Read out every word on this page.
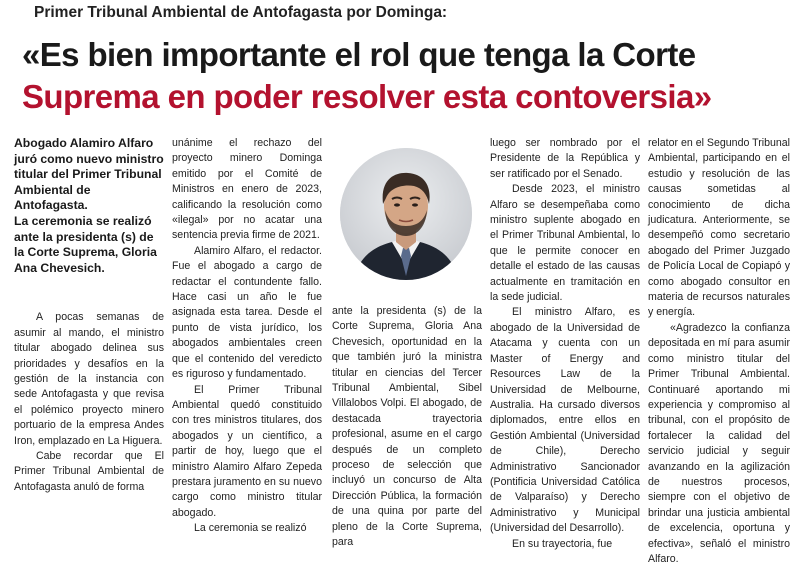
Primer Tribunal Ambiental de Antofagasta por Dominga:
«Es bien importante el rol que tenga la Corte
Suprema en poder resolver esta contoversia»

Abogado Alamiro Alfaro juró como nuevo ministro titular del Primer Tribunal Ambiental de Antofagasta.

La ceremonia se realizó ante la presidenta (s) de la Corte Suprema, Gloria Ana Chevesich.

A pocas semanas de asumir al mando, el ministro titular abogado delinea sus prioridades y desafíos en la gestión de la instancia con sede Antofagasta y que revisa el polémico proyecto minero portuario de la empresa Andes Iron, emplazado en La Higuera.

Cabe recordar que El Primer Tribunal Ambiental de Antofagasta anuló de forma

unánime el rechazo del proyecto minero Dominga emitido por el Comité de Ministros en enero de 2023, calificando la resolución como «ilegal» por no acatar una sentencia previa firme de 2021.

Alamiro Alfaro, el redactor. Fue el abogado a cargo de redactar el contundente fallo. Hace casi un año le fue asignada esta tarea. Desde el punto de vista jurídico, los abogados ambientales creen que el contenido del veredicto es riguroso y fundamentado.

El Primer Tribunal Ambiental quedó constituido con tres ministros titulares, dos abogados y un científico, a partir de hoy, luego que el ministro Alamiro Alfaro Zepeda prestara juramento en su nuevo cargo como ministro titular abogado.

La ceremonia se realizó

ante la presidenta (s) de la Corte Suprema, Gloria Ana Chevesich, oportunidad en la que también juró la ministra titular en ciencias del Tercer Tribunal Ambiental, Sibel Villalobos Volpi. El abogado, de destacada trayectoria profesional, asume en el cargo después de un completo proceso de selección que incluyó un concurso de Alta Dirección Pública, la formación de una quina por parte del pleno de la Corte Suprema, para

luego ser nombrado por el Presidente de la República y ser ratificado por el Senado.

Desde 2023, el ministro Alfaro se desempeñaba como ministro suplente abogado en el Primer Tribunal Ambiental, lo que le permite conocer en detalle el estado de las causas actualmente en tramitación en la sede judicial.

El ministro Alfaro, es abogado de la Universidad de Atacama y cuenta con un Master of Energy and Resources Law de la Universidad de Melbourne, Australia. Ha cursado diversos diplomados, entre ellos en Gestión Ambiental (Universidad de Chile), Derecho Administrativo Sancionador (Pontificia Universidad Católica de Valparaíso) y Derecho Administrativo y Municipal (Universidad del Desarrollo).

En su trayectoria, fue

relator en el Segundo Tribunal Ambiental, participando en el estudio y resolución de las causas sometidas al conocimiento de dicha judicatura. Anteriormente, se desempeñó como secretario abogado del Primer Juzgado de Policía Local de Copiapó y como abogado consultor en materia de recursos naturales y energía.

«Agradezco la confianza depositada en mí para asumir como ministro titular del Primer Tribunal Ambiental. Continuaré aportando mi experiencia y compromiso al tribunal, con el propósito de fortalecer la calidad del servicio judicial y seguir avanzando en la agilización de nuestros procesos, siempre con el objetivo de brindar una justicia ambiental de excelencia, oportuna y efectiva», señaló el ministro Alfaro.
